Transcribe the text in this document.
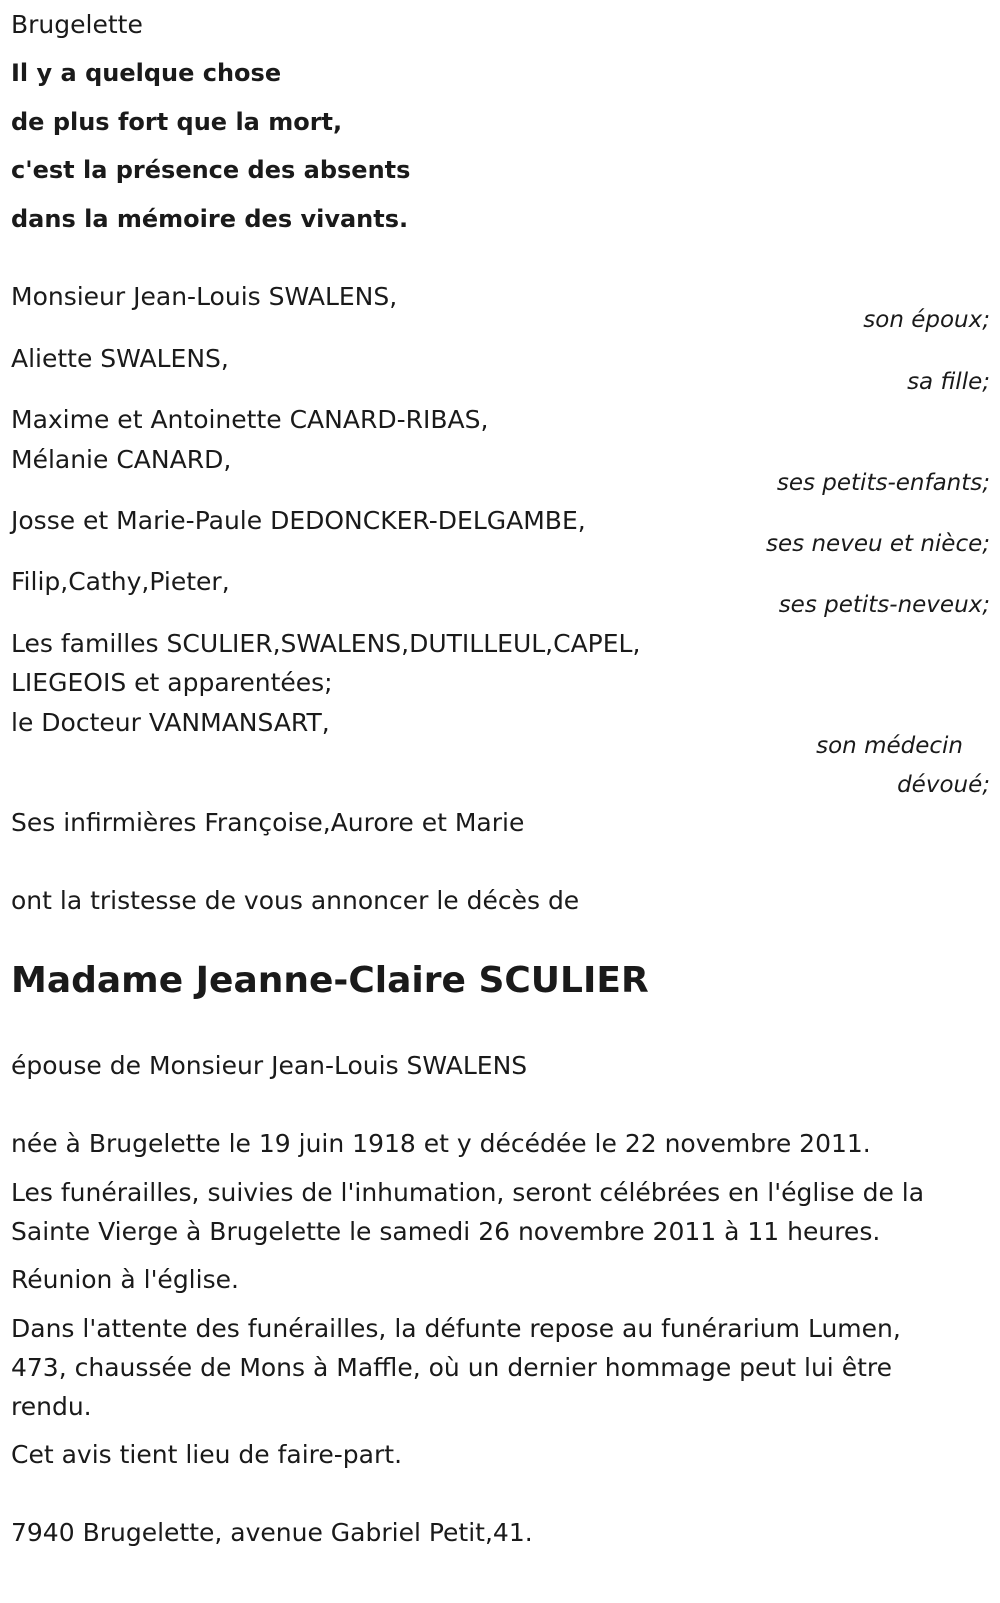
Brugelette
Il y a quelque chose
de plus fort que la mort,
c'est la présence des absents
dans la mémoire des vivants.
Monsieur Jean-Louis SWALENS,
son époux;
Aliette SWALENS,
sa fille;
Maxime et Antoinette CANARD-RIBAS,
Mélanie CANARD,
ses petits-enfants;
Josse et Marie-Paule DEDONCKER-DELGAMBE,
ses neveu et nièce;
Filip,Cathy,Pieter,
ses petits-neveux;
Les familles SCULIER,SWALENS,DUTILLEUL,CAPEL,
LIEGEOIS et apparentées;
le Docteur VANMANSART,
son médecin
dévoué;
Ses infirmières Françoise,Aurore et Marie
ont la tristesse de vous annoncer le décès de
Madame Jeanne-Claire SCULIER
épouse de Monsieur Jean-Louis SWALENS
née à Brugelette le 19 juin 1918 et y décédée le 22 novembre 2011.
Les funérailles, suivies de l'inhumation, seront célébrées en l'église de la
Sainte Vierge à Brugelette le samedi 26 novembre 2011 à 11 heures.
Réunion à l'église.
Dans l'attente des funérailles, la défunte repose au funérarium Lumen,
473, chaussée de Mons à Maffle, où un dernier hommage peut lui être
rendu.
Cet avis tient lieu de faire-part.
7940 Brugelette, avenue Gabriel Petit,41.
